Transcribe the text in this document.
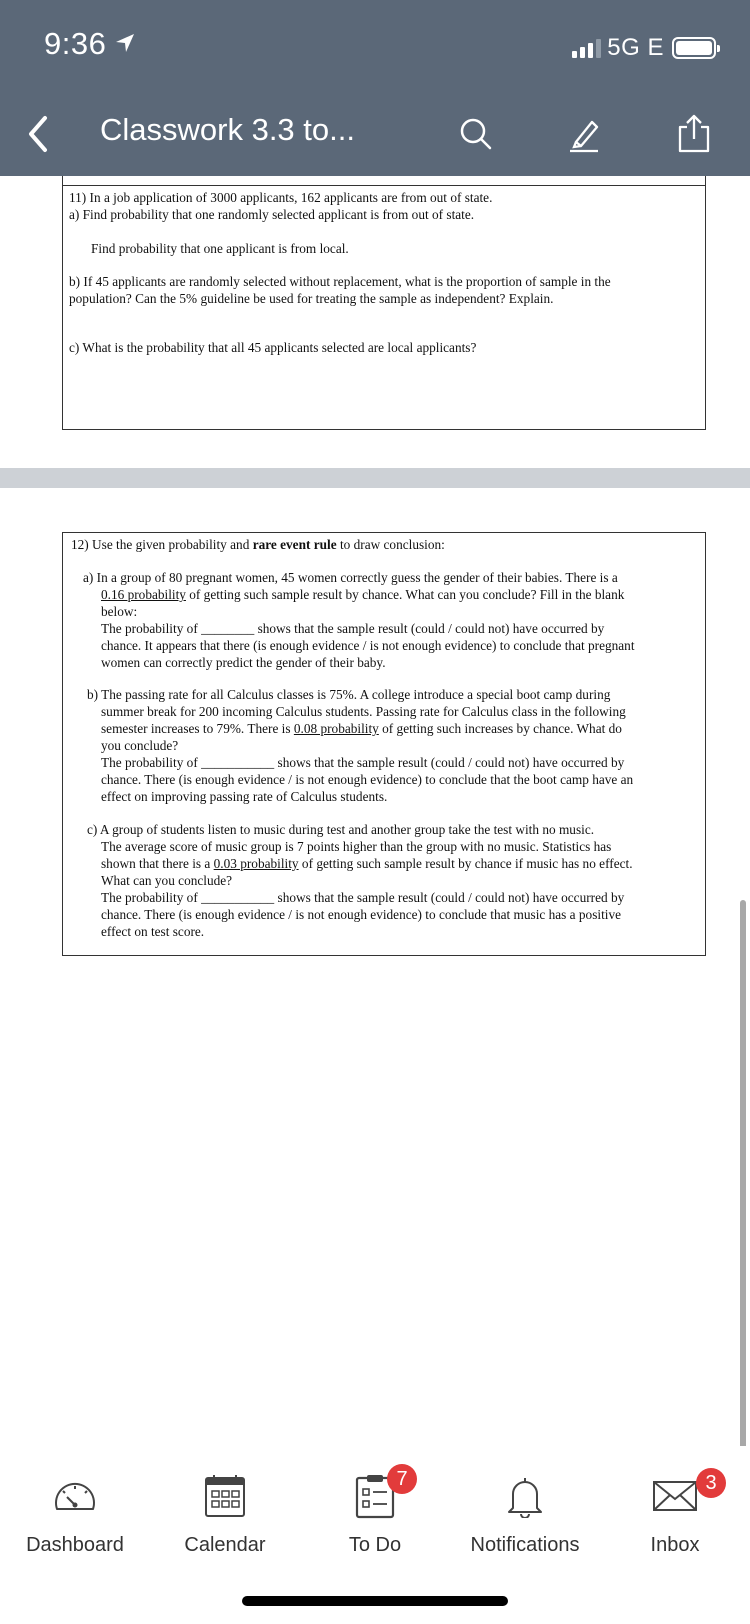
9:36	5G E
Classwork 3.3 to...
11) In a job application of 3000 applicants, 162 applicants are from out of state.
a) Find probability that one randomly selected applicant is from out of state.
Find probability that one applicant is from local.
b) If 45 applicants are randomly selected without replacement, what is the proportion of sample in the
population? Can the 5% guideline be used for treating the sample as independent? Explain.
c) What is the probability that all 45 applicants selected are local applicants?
12) Use the given probability and rare event rule to draw conclusion:
a) In a group of 80 pregnant women, 45 women correctly guess the gender of their babies. There is a
0.16 probability of getting such sample result by chance. What can you conclude? Fill in the blank
below:
The probability of ________ shows that the sample result (could / could not) have occurred by
chance. It appears that there (is enough evidence / is not enough evidence) to conclude that pregnant
women can correctly predict the gender of their baby.
b) The passing rate for all Calculus classes is 75%. A college introduce a special boot camp during
summer break for 200 incoming Calculus students. Passing rate for Calculus class in the following
semester increases to 79%. There is 0.08 probability of getting such increases by chance. What do
you conclude?
The probability of ___________ shows that the sample result (could / could not) have occurred by
chance. There (is enough evidence / is not enough evidence) to conclude that the boot camp have an
effect on improving passing rate of Calculus students.
c) A group of students listen to music during test and another group take the test with no music.
The average score of music group is 7 points higher than the group with no music. Statistics has
shown that there is a 0.03 probability of getting such sample result by chance if music has no effect.
What can you conclude?
The probability of ___________ shows that the sample result (could / could not) have occurred by
chance. There (is enough evidence / is not enough evidence) to conclude that music has a positive
effect on test score.
Dashboard	Calendar
7
To Do	Notifications
3
Inbox
